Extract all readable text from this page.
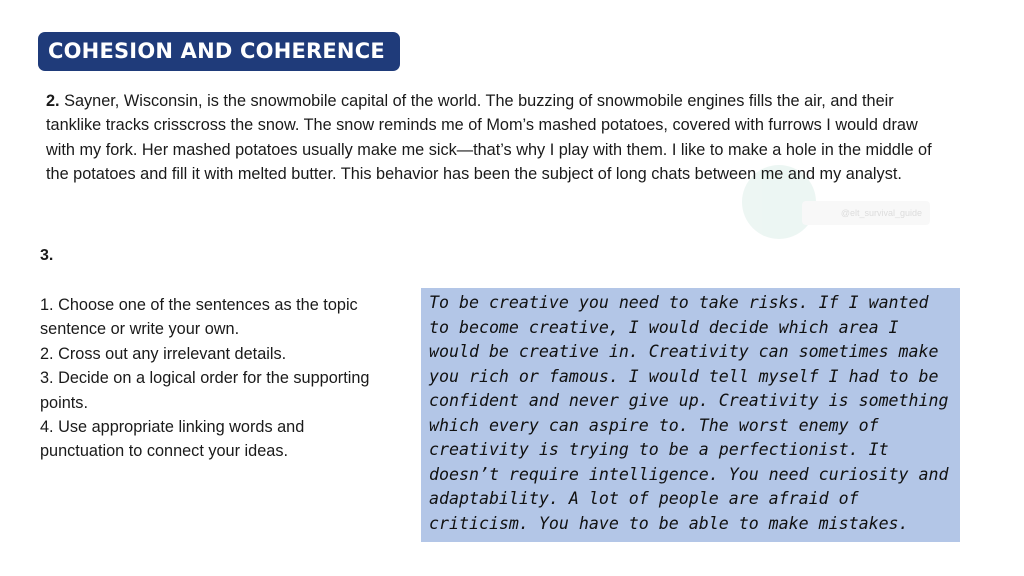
COHESION AND COHERENCE
@elt_survival_guide

2. Sayner, Wisconsin, is the snowmobile capital of the world. The buzzing of snowmobile engines fills the air, and their tanklike tracks crisscross the snow. The snow reminds me of Mom’s mashed potatoes, covered with furrows I would draw with my fork. Her mashed potatoes usually make me sick—that’s why I play with them. I like to make a hole in the middle of the potatoes and fill it with melted butter. This behavior has been the subject of long chats between me and my analyst.

3.

1. Choose one of the sentences as the topic sentence or write your own.
2. Cross out any irrelevant details.
3. Decide on a logical order for the supporting points.
4. Use appropriate linking words and punctuation to connect your ideas.

To be creative you need to take risks. If I wanted to become creative, I would decide which area I would be creative in. Creativity can sometimes make you rich or famous. I would tell myself I had to be confident and never give up. Creativity is something which every can aspire to. The worst enemy of creativity is trying to be a perfectionist. It doesn’t require intelligence. You need curiosity and adaptability. A lot of people are afraid of criticism. You have to be able to make mistakes.
